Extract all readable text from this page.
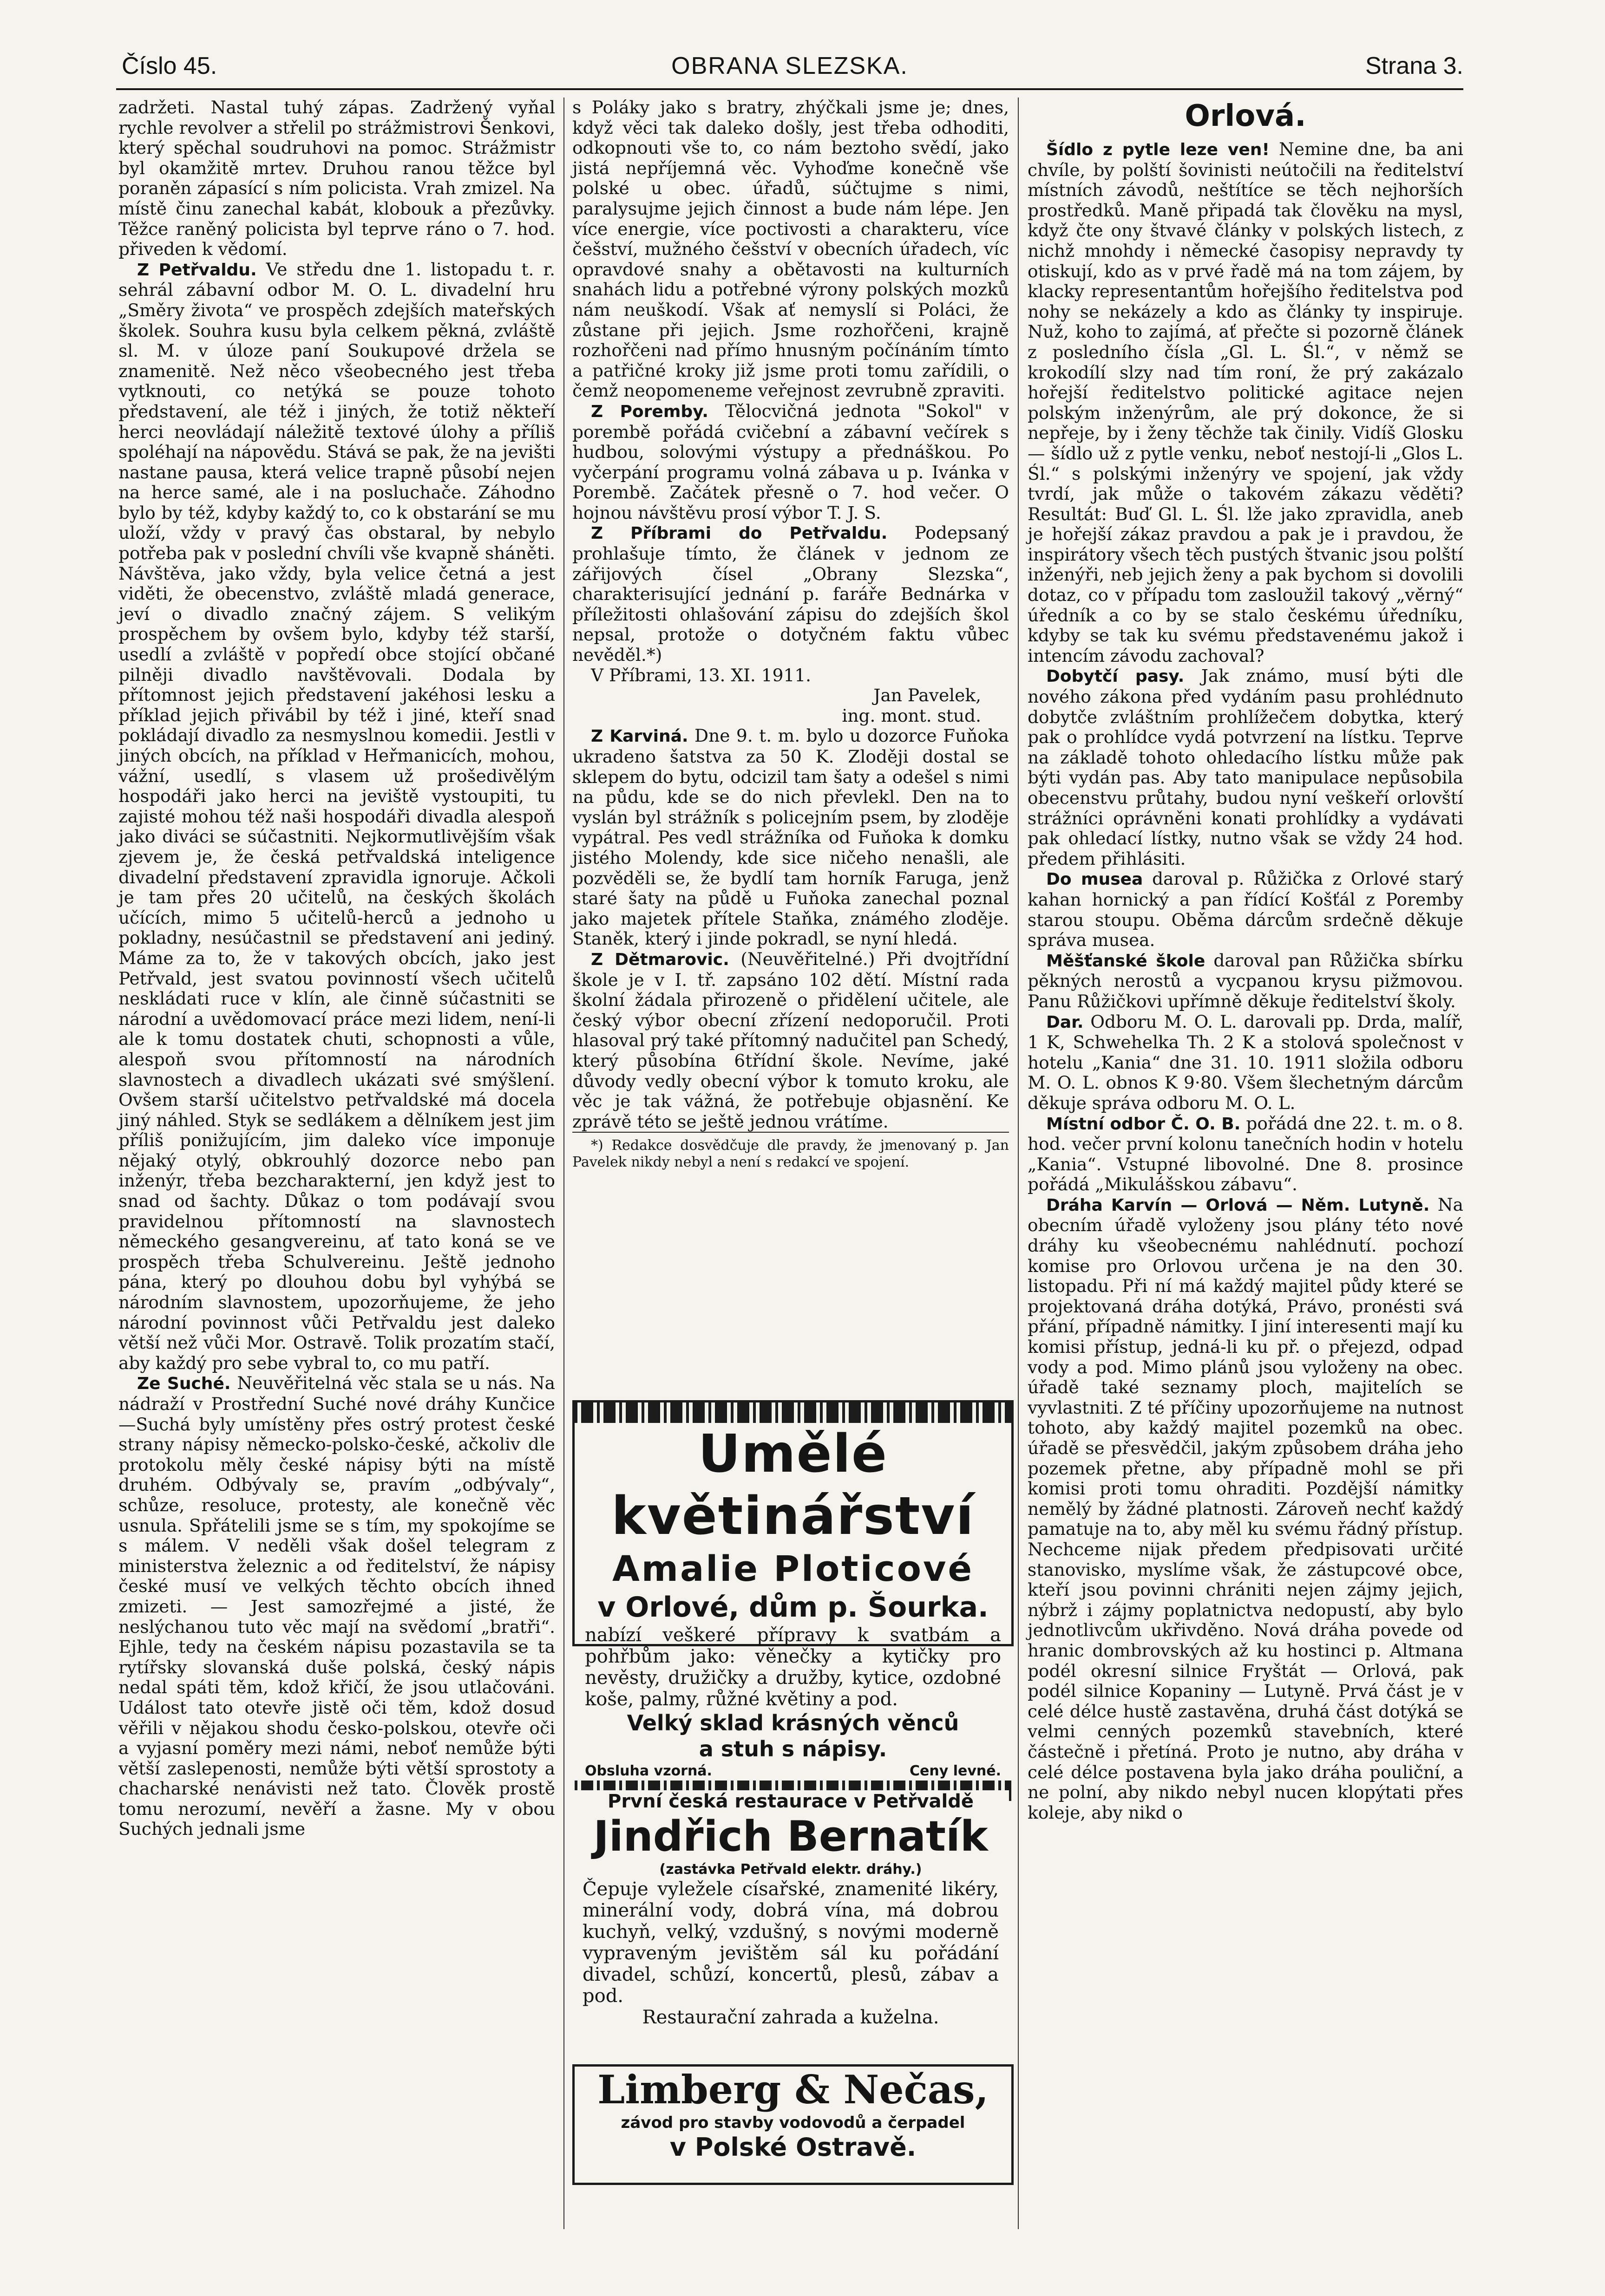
Číslo 45.	OBRANA SLEZSKA.	Strana 3.

zadržeti. Nastal tuhý zápas. Zadržený vyňal rychle revolver a střelil po strážmistrovi Šenkovi, který spěchal soudruhovi na pomoc. Strážmistr byl okamžitě mrtev. Druhou ranou těžce byl poraněn zápasící s ním policista. Vrah zmizel. Na místě činu zanechal kabát, klobouk a přezůvky. Těžce raněný policista byl teprve ráno o 7. hod. přiveden k vědomí.

Z Petřvaldu. Ve středu dne 1. listopadu t. r. sehrál zábavní odbor M. O. L. divadelní hru „Směry života“ ve prospěch zdejších mateřských školek. Souhra kusu byla celkem pěkná, zvláště sl. M. v úloze paní Soukupové držela se znamenitě. Než něco všeobecného jest třeba vytknouti, co netýká se pouze tohoto představení, ale též i jiných, že totiž někteří herci neovládají náležitě textové úlohy a příliš spoléhají na nápovědu. Stává se pak, že na jevišti nastane pausa, která velice trapně působí nejen na herce samé, ale i na posluchače. Záhodno bylo by též, kdyby každý to, co k obstarání se mu uloží, vždy v pravý čas obstaral, by nebylo potřeba pak v poslední chvíli vše kvapně sháněti. Návštěva, jako vždy, byla velice četná a jest viděti, že obecenstvo, zvláště mladá generace, jeví o divadlo značný zájem. S velikým prospěchem by ovšem bylo, kdyby též starší, usedlí a zvláště v popředí obce stojící občané pilněji divadlo navštěvovali. Dodala by přítomnost jejich představení jakéhosi lesku a příklad jejich přivábil by též i jiné, kteří snad pokládají divadlo za nesmyslnou komedii. Jestli v jiných obcích, na příklad v Heřmanicích, mohou, vážní, usedlí, s vlasem už prošedivělým hospodáři jako herci na jeviště vystoupiti, tu zajisté mohou též naši hospodáři divadla alespoň jako diváci se súčastniti. Nejkormutlivějším však zjevem je, že česká petřvaldská inteligence divadelní představení zpravidla ignoruje. Ačkoli je tam přes 20 učitelů, na českých školách učících, mimo 5 učitelů-herců a jednoho u pokladny, nesúčastnil se představení ani jediný. Máme za to, že v takových obcích, jako jest Petřvald, jest svatou povinností všech učitelů neskládati ruce v klín, ale činně súčastniti se národní a uvědomovací práce mezi lidem, není-li ale k tomu dostatek chuti, schopnosti a vůle, alespoň svou přítomností na národních slavnostech a divadlech ukázati své smýšlení. Ovšem starší učitelstvo petřvaldské má docela jiný náhled. Styk se sedlákem a dělníkem jest jim příliš ponižujícím, jim daleko více imponuje nějaký otylý, obkrouhlý dozorce nebo pan inženýr, třeba bezcharakterní, jen když jest to snad od šachty. Důkaz o tom podávají svou pravidelnou přítomností na slavnostech německého gesangvereinu, ať tato koná se ve prospěch třeba Schulvereinu. Ještě jednoho pána, který po dlouhou dobu byl vyhýbá se národním slavnostem, upozorňujeme, že jeho národní povinnost vůči Petřvaldu jest daleko větší než vůči Mor. Ostravě. Tolik prozatím stačí, aby každý pro sebe vybral to, co mu patří.

Ze Suché. Neuvěřitelná věc stala se u nás. Na nádraží v Prostřední Suché nové dráhy Kunčice—Suchá byly umístěny přes ostrý protest české strany nápisy německo-polsko-české, ačkoliv dle protokolu měly české nápisy býti na místě druhém. Odbývaly se, pravím „odbývaly“, schůze, resoluce, protesty, ale konečně věc usnula. Spřátelili jsme se s tím, my spokojíme se s málem. V neděli však došel telegram z ministerstva železnic a od ředitelství, že nápisy české musí ve velkých těchto obcích ihned zmizeti. — Jest samozřejmé a jisté, že neslýchanou tuto věc mají na svědomí „bratři“. Ejhle, tedy na českém nápisu pozastavila se ta rytířsky slovanská duše polská, český nápis nedal spáti těm, kdož křičí, že jsou utlačováni. Událost tato otevře jistě oči těm, kdož dosud věřili v nějakou shodu česko-polskou, otevře oči a vyjasní poměry mezi námi, neboť nemůže býti větší zaslepenosti, nemůže býti větší sprostoty a chacharské nenávisti než tato. Člověk prostě tomu nerozumí, nevěří a žasne. My v obou Suchých jednali jsme

s Poláky jako s bratry, zhýčkali jsme je; dnes, když věci tak daleko došly, jest třeba odhoditi, odkopnouti vše to, co nám beztoho svědí, jako jistá nepříjemná věc. Vyhoďme konečně vše polské u obec. úřadů, súčtujme s nimi, paralysujme jejich činnost a bude nám lépe. Jen více energie, více poctivosti a charakteru, více češství, mužného češství v obecních úřadech, víc opravdové snahy a obětavosti na kulturních snahách lidu a potřebné výrony polských mozků nám neuškodí. Však ať nemyslí si Poláci, že zůstane při jejich. Jsme rozhořčeni, krajně rozhořčeni nad přímo hnusným počínáním tímto a patřičné kroky již jsme proti tomu zařídili, o čemž neopomeneme veřejnost zevrubně zpraviti.

Z Poremby. Tělocvičná jednota "Sokol" v porembě pořádá cvičební a zábavní večírek s hudbou, solovými výstupy a přednáškou. Po vyčerpání programu volná zábava u p. Ivánka v Porembě. Začátek přesně o 7. hod večer. O hojnou návštěvu prosí výbor T. J. S.

Z Příbrami do Petřvaldu. Podepsaný prohlašuje tímto, že článek v jednom ze zářijových čísel „Obrany Slezska“, charakterisující jednání p. faráře Bednárka v příležitosti ohlašování zápisu do zdejších škol nepsal, protože o dotyčném faktu vůbec nevěděl.*)

V Příbrami, 13. XI. 1911.

Jan Pavelek,

ing. mont. stud.

Z Karviná. Dne 9. t. m. bylo u dozorce Fuňoka ukradeno šatstva za 50 K. Zloději dostal se sklepem do bytu, odcizil tam šaty a odešel s nimi na půdu, kde se do nich převlekl. Den na to vyslán byl strážník s policejním psem, by zloděje vypátral. Pes vedl strážníka od Fuňoka k domku jistého Molendy, kde sice ničeho nenašli, ale pozvěděli se, že bydlí tam horník Faruga, jenž staré šaty na půdě u Fuňoka zanechal poznal jako majetek přítele Staňka, známého zloděje. Staněk, který i jinde pokradl, se nyní hledá.

Z Dětmarovic. (Neuvěřitelné.) Při dvojtřídní škole je v I. tř. zapsáno 102 dětí. Místní rada školní žádala přirozeně o přidělení učitele, ale český výbor obecní zřízení nedoporučil. Proti hlasoval prý také přítomný nadučitel pan Schedý, který působína 6třídní škole. Nevíme, jaké důvody vedly obecní výbor k tomuto kroku, ale věc je tak vážná, že potřebuje objasnění. Ke zprávě této se ještě jednou vrátíme.

*) Redakce dosvědčuje dle pravdy, že jmenovaný p. Jan Pavelek nikdy nebyl a není s redakcí ve spojení.

Umělé květinářství
Amalie Ploticové
v Orlové, dům p. Šourka.
nabízí veškeré přípravy k svatbám a pohřbům jako: věnečky a kytičky pro nevěsty, družičky a družby, kytice, ozdobné koše, palmy, růžné květiny a pod.
Velký sklad krásných věnců
a stuh s nápisy.
Obsluha vzorná.	Ceny levné.
První česká restaurace v Petřvaldě
Jindřich Bernatík
(zastávka Petřvald elektr. dráhy.)
Čepuje vyležele císařské, znamenité likéry, minerální vody, dobrá vína, má dobrou kuchyň, velký, vzdušný, s novými moderně vypraveným jevištěm sál ku pořádání divadel, schůzí, koncertů, plesů, zábav a pod.
Restaurační zahrada a kuželna.
Limberg & Nečas,
závod pro stavby vodovodů a čerpadel
v Polské Ostravě.
Orlová.

Šídlo z pytle leze ven! Nemine dne, ba ani chvíle, by polští šovinisti neútočili na ředitelství místních závodů, neštítíce se těch nejhorších prostředků. Maně připadá tak člověku na mysl, když čte ony štvavé články v polských listech, z nichž mnohdy i německé časopisy nepravdy ty otiskují, kdo as v prvé řadě má na tom zájem, by klacky representantům hořejšího ředitelstva pod nohy se nekázely a kdo as články ty inspiruje. Nuž, koho to zajímá, ať přečte si pozorně článek z posledního čísla „Gl. L. Śl.“, v němž se krokodílí slzy nad tím roní, že prý zakázalo hořejší ředitelstvo politické agitace nejen polským inženýrům, ale prý dokonce, že si nepřeje, by i ženy těchže tak činily. Vidíš Glosku — šídlo už z pytle venku, neboť nestojí-li „Glos L. Śl.“ s polskými inženýry ve spojení, jak vždy tvrdí, jak může o takovém zákazu věděti? Resultát: Buď Gl. L. Śl. lže jako zpravidla, aneb je hořejší zákaz pravdou a pak je i pravdou, že inspirátory všech těch pustých štvanic jsou polští inženýři, neb jejich ženy a pak bychom si dovolili dotaz, co v případu tom zasloužil takový „věrný“ úředník a co by se stalo českému úředníku, kdyby se tak ku svému představenému jakož i intencím závodu zachoval?

Dobytčí pasy. Jak známo, musí býti dle nového zákona před vydáním pasu prohlédnuto dobytče zvláštním prohlížečem dobytka, který pak o prohlídce vydá potvrzení na lístku. Teprve na základě tohoto ohledacího lístku může pak býti vydán pas. Aby tato manipulace nepůsobila obecenstvu průtahy, budou nyní veškeří orlovští strážníci oprávněni konati prohlídky a vydávati pak ohledací lístky, nutno však se vždy 24 hod. předem přihlásiti.

Do musea daroval p. Růžička z Orlové starý kahan hornický a pan řídící Košťál z Poremby starou stoupu. Oběma dárcům srdečně děkuje správa musea.

Měšťanské škole daroval pan Růžička sbírku pěkných nerostů a vycpanou krysu pižmovou. Panu Růžičkovi upřímně děkuje ředitelství školy.

Dar. Odboru M. O. L. darovali pp. Drda, malíř, 1 K, Schwehelka Th. 2 K a stolová společnost v hotelu „Kania“ dne 31. 10. 1911 složila odboru M. O. L. obnos K 9·80. Všem šlechetným dárcům děkuje správa odboru M. O. L.

Místní odbor Č. O. B. pořádá dne 22. t. m. o 8. hod. večer první kolonu tanečních hodin v hotelu „Kania“. Vstupné libovolné. Dne 8. prosince pořádá „Mikulášskou zábavu“.

Dráha Karvín — Orlová — Něm. Lutyně. Na obecním úřadě vyloženy jsou plány této nové dráhy ku všeobecnému nahlédnutí. pochozí komise pro Orlovou určena je na den 30. listopadu. Při ní má každý majitel půdy které se projektovaná dráha dotýká, Právo, pronésti svá přání, případně námitky. I jiní interesenti mají ku komisi přístup, jedná-li ku př. o přejezd, odpad vody a pod. Mimo plánů jsou vyloženy na obec. úřadě také seznamy ploch, majitelích se vyvlastniti. Z té příčiny upozorňujeme na nutnost tohoto, aby každý majitel pozemků na obec. úřadě se přesvědčil, jakým způsobem dráha jeho pozemek přetne, aby případně mohl se při komisi proti tomu ohraditi. Pozdější námitky nemělý by žádné platnosti. Zároveň nechť každý pamatuje na to, aby měl ku svému řádný přístup. Nechceme nijak předem předpisovati určité stanovisko, myslíme však, že zástupcové obce, kteří jsou povinni chrániti nejen zájmy jejich, nýbrž i zájmy poplatnictva nedopustí, aby bylo jednotlivcům ukřivděno. Nová dráha povede od hranic dombrovských až ku hostinci p. Altmana podél okresní silnice Fryštát — Orlová, pak podél silnice Kopaniny — Lutyně. Prvá část je v celé délce hustě zastavěna, druhá část dotýká se velmi cenných pozemků stavebních, které částečně i přetíná. Proto je nutno, aby dráha v celé délce postavena byla jako dráha pouliční, a ne polní, aby nikdo nebyl nucen klopýtati přes koleje, aby nikd o
